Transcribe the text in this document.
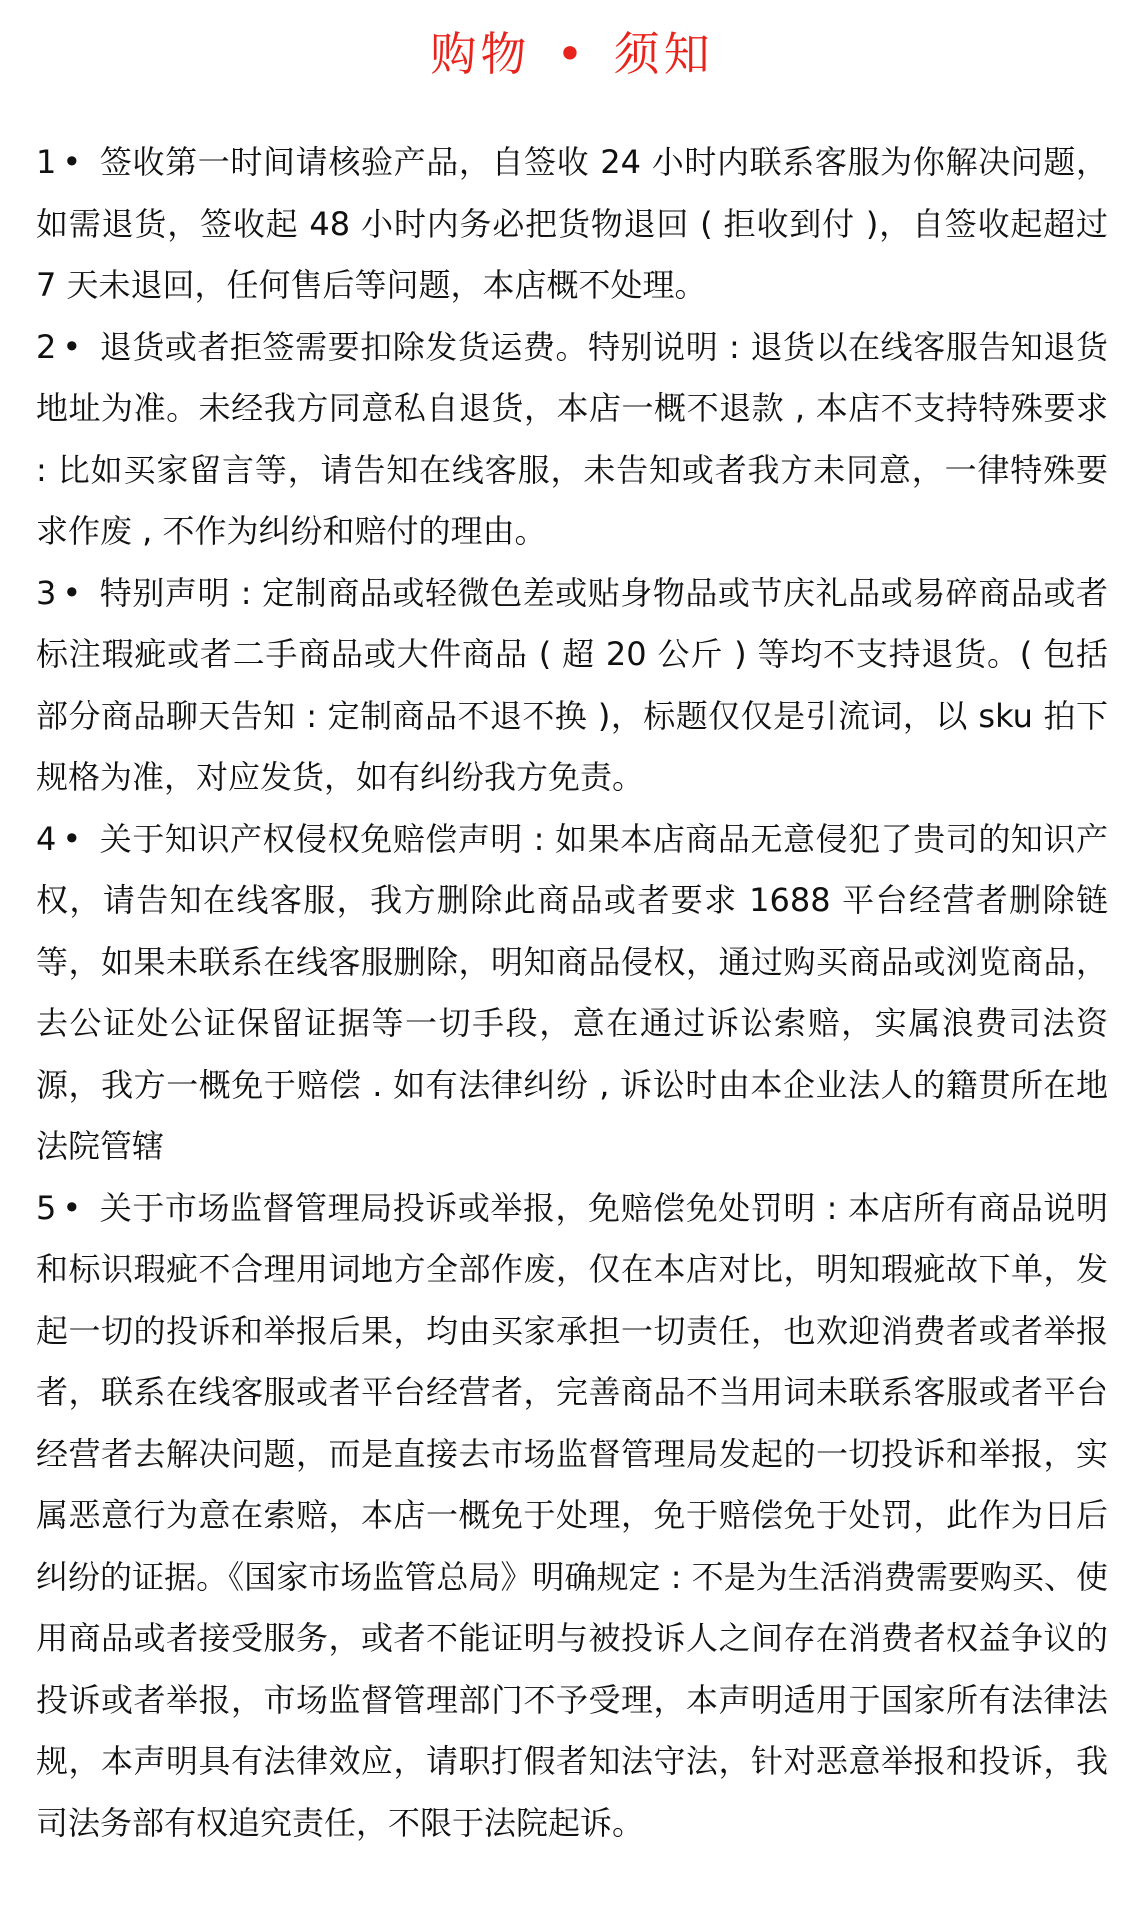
购物 • 须知

1 • 签收第一时间请核验产品，自签收 24 小时内联系客服为你解决问题，如需退货，签收起 48 小时内务必把货物退回 ( 拒收到付 )，自签收起超过 7 天未退回，任何售后等问题，本店概不处理。

2 • 退货或者拒签需要扣除发货运费。特别说明 : 退货以在线客服告知退货地址为准。未经我方同意私自退货，本店一概不退款 , 本店不支持特殊要求 : 比如买家留言等，请告知在线客服，未告知或者我方未同意，一律特殊要求作废 , 不作为纠纷和赔付的理由。

3 • 特别声明 : 定制商品或轻微色差或贴身物品或节庆礼品或易碎商品或者标注瑕疵或者二手商品或大件商品 ( 超 20 公斤 ) 等均不支持退货。( 包括部分商品聊天告知 : 定制商品不退不换 )，标题仅仅是引流词，以 sku 拍下规格为准，对应发货，如有纠纷我方免责。

4 • 关于知识产权侵权免赔偿声明 : 如果本店商品无意侵犯了贵司的知识产权，请告知在线客服，我方删除此商品或者要求 1688 平台经营者删除链等，如果未联系在线客服删除，明知商品侵权，通过购买商品或浏览商品，去公证处公证保留证据等一切手段，意在通过诉讼索赔，实属浪费司法资源，我方一概免于赔偿 . 如有法律纠纷 , 诉讼时由本企业法人的籍贯所在地法院管辖

5 • 关于市场监督管理局投诉或举报，免赔偿免处罚明 : 本店所有商品说明和标识瑕疵不合理用词地方全部作废，仅在本店对比，明知瑕疵故下单，发起一切的投诉和举报后果，均由买家承担一切责任，也欢迎消费者或者举报者，联系在线客服或者平台经营者，完善商品不当用词未联系客服或者平台经营者去解决问题，而是直接去市场监督管理局发起的一切投诉和举报，实属恶意行为意在索赔，本店一概免于处理，免于赔偿免于处罚，此作为日后纠纷的证据。《国家市场监管总局》明确规定 : 不是为生活消费需要购买、使用商品或者接受服务，或者不能证明与被投诉人之间存在消费者权益争议的投诉或者举报，市场监督管理部门不予受理，本声明适用于国家所有法律法规，本声明具有法律效应，请职打假者知法守法，针对恶意举报和投诉，我司法务部有权追究责任，不限于法院起诉。
